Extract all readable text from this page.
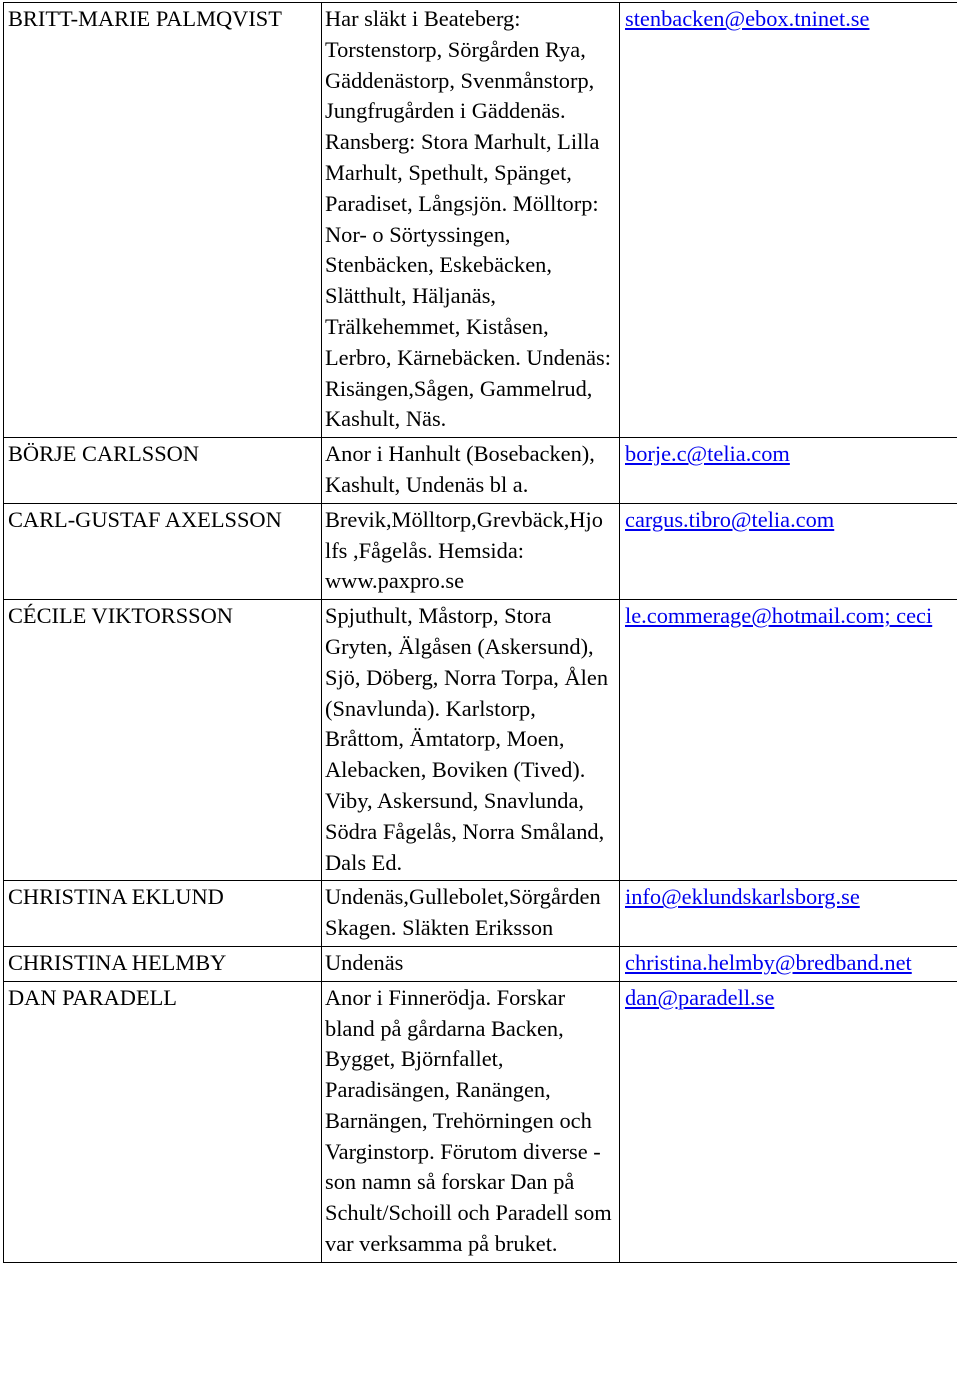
BRITT-MARIE PALMQVIST	Har släkt i Beateberg: Torstenstorp, Sörgården Rya, Gäddenästorp, Svenmånstorp, Jungfrugården i Gäddenäs. Ransberg: Stora Marhult, Lilla Marhult, Spethult, Spänget, Paradiset, Långsjön. Mölltorp: Nor- o Sörtyssingen, Stenbäcken, Eskebäcken, Slätthult, Häljanäs, Trälkehemmet, Kiståsen, Lerbro, Kärnebäcken. Undenäs: Risängen,Sågen, Gammelrud, Kashult, Näs.	stenbacken@ebox.tninet.se
BÖRJE CARLSSON	Anor i Hanhult (Bosebacken), Kashult, Undenäs bl a.	borje.c@telia.com
CARL-GUSTAF AXELSSON	Brevik,Mölltorp,Grevbäck,Hjo lfs ,Fågelås. Hemsida: www.paxpro.se	cargus.tibro@telia.com
CÉCILE VIKTORSSON	Spjuthult, Måstorp, Stora Gryten, Älgåsen (Askersund), Sjö, Döberg, Norra Torpa, Ålen (Snavlunda). Karlstorp, Bråttom, Ämtatorp, Moen, Alebacken, Boviken (Tived). Viby, Askersund, Snavlunda, Södra Fågelås, Norra Småland, Dals Ed.	le.commerage@hotmail.com; ceci
CHRISTINA EKLUND	Undenäs,Gullebolet,Sörgården Skagen. Släkten Eriksson	info@eklundskarlsborg.se
CHRISTINA HELMBY	Undenäs	christina.helmby@bredband.net
DAN PARADELL	Anor i Finnerödja. Forskar bland på gårdarna Backen, Bygget, Björnfallet, Paradisängen, Ranängen, Barnängen, Trehörningen och Varginstorp. Förutom diverse -son namn så forskar Dan på Schult/Schoill och Paradell som var verksamma på bruket.	dan@paradell.se
